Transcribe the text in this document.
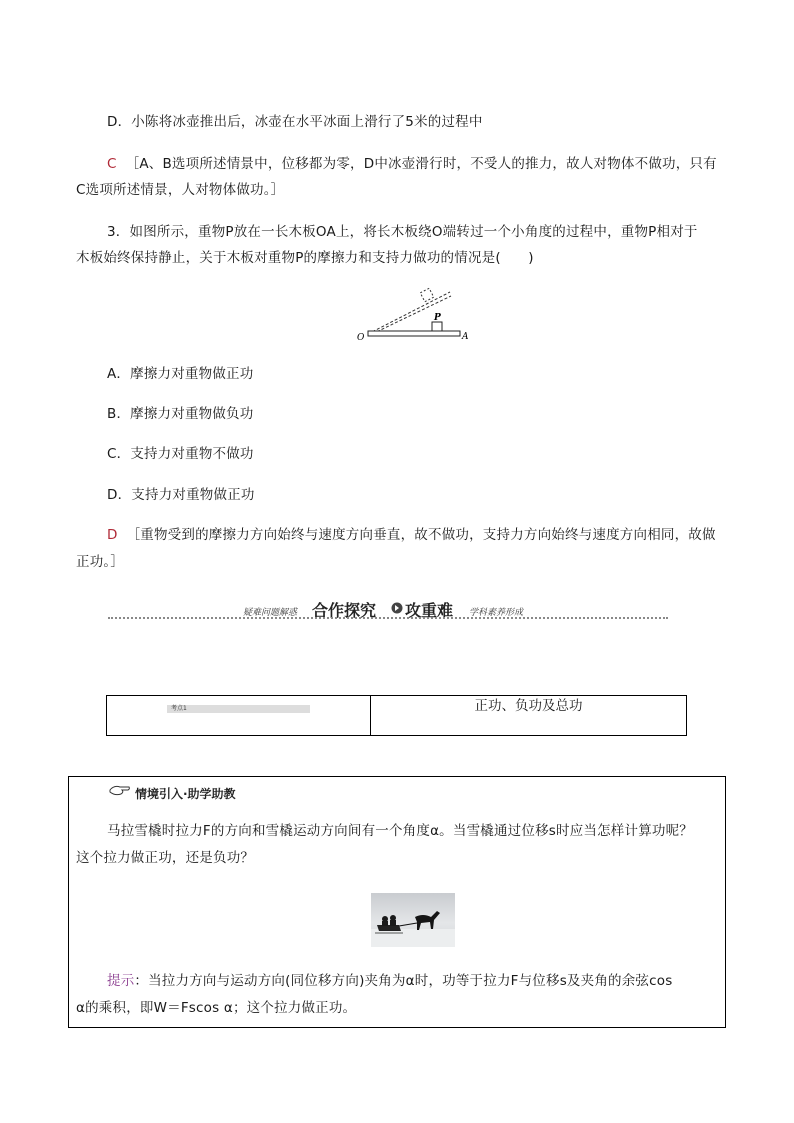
D．小陈将冰壶推出后，冰壶在水平冰面上滑行了5米的过程中
C ［A、B选项所述情景中，位移都为零，D中冰壶滑行时，不受人的推力，故人对物体不做功，只有
C选项所述情景，人对物体做功。］
3．如图所示，重物P放在一长木板OA上，将长木板绕O端转过一个小角度的过程中，重物P相对于
木板始终保持静止，关于木板对重物P的摩擦力和支持力做功的情况是(　　)
O	A
P
A．摩擦力对重物做正功
B．摩擦力对重物做负功
C．支持力对重物不做功
D．支持力对重物做正功
D ［重物受到的摩擦力方向始终与速度方向垂直，故不做功，支持力方向始终与速度方向相同，故做
正功。］
疑难问题解惑 合作探究 攻重难 学科素养形成
考点1	正功、负功及总功
情境引入·助学助教
马拉雪橇时拉力F的方向和雪橇运动方向间有一个角度α。当雪橇通过位移s时应当怎样计算功呢？
这个拉力做正功，还是负功？
提示：当拉力方向与运动方向(同位移方向)夹角为α时，功等于拉力F与位移s及夹角的余弦cos
α的乘积，即W＝Fscos α；这个拉力做正功。
